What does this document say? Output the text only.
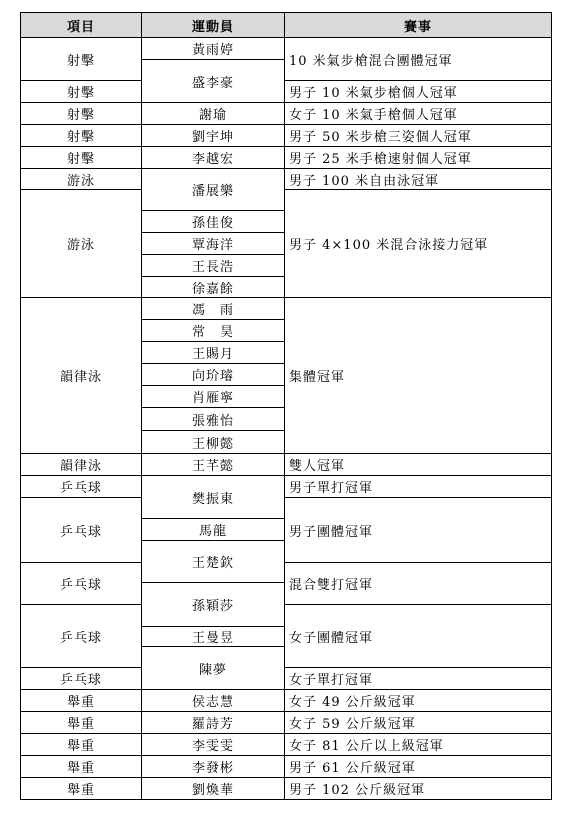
項目	運動員	賽事
射擊
射擊
射擊
射擊
射擊
游泳
游泳
韻律泳
韻律泳
乒乓球
乒乓球
乒乓球
乒乓球
乒乓球
舉重
舉重
舉重
舉重
舉重
黃雨婷
盛李豪
謝瑜
劉宇坤
李越宏
潘展樂
孫佳俊
覃海洋
王長浩
徐嘉餘
馮　雨
常　昊
王賜月
向玠璿
肖雁寧
張雅怡
王柳懿
王芊懿
樊振東
馬龍
王楚欽
孫穎莎
王曼昱
陳夢
侯志慧
羅詩芳
李雯雯
李發彬
劉煥華
10 米氣步槍混合團體冠軍
男子 10 米氣步槍個人冠軍
女子 10 米氣手槍個人冠軍
男子 50 米步槍三姿個人冠軍
男子 25 米手槍速射個人冠軍
男子 100 米自由泳冠軍
男子 4×100 米混合泳接力冠軍
集體冠軍
雙人冠軍
男子單打冠軍
男子團體冠軍
混合雙打冠軍
女子團體冠軍
女子單打冠軍
女子 49 公斤級冠軍
女子 59 公斤級冠軍
女子 81 公斤以上級冠軍
男子 61 公斤級冠軍
男子 102 公斤級冠軍
